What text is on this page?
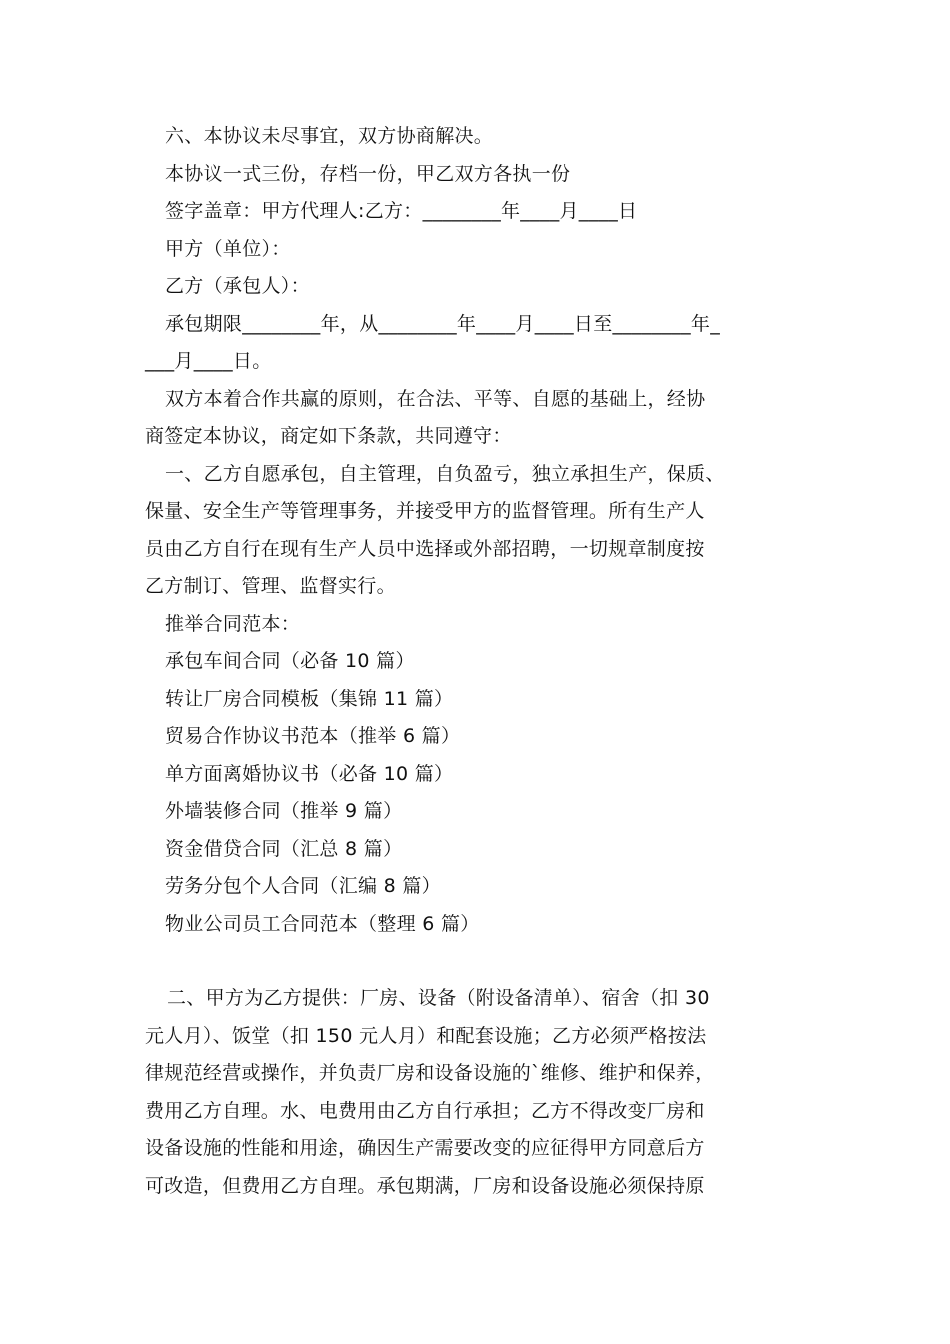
六、本协议未尽事宜，双方协商解决。
本协议一式三份，存档一份，甲乙双方各执一份
签字盖章：甲方代理人:乙方：________年____月____日
甲方（单位）：
乙方（承包人）：
承包期限________年，从________年____月____日至________年_
___月____日。
双方本着合作共赢的原则，在合法、平等、自愿的基础上，经协
商签定本协议，商定如下条款，共同遵守：
一、乙方自愿承包，自主管理，自负盈亏，独立承担生产，保质、
保量、安全生产等管理事务，并接受甲方的监督管理。所有生产人
员由乙方自行在现有生产人员中选择或外部招聘，一切规章制度按
乙方制订、管理、监督实行。
推举合同范本：
承包车间合同（必备 10 篇）
转让厂房合同模板（集锦 11 篇）
贸易合作协议书范本（推举 6 篇）
单方面离婚协议书（必备 10 篇）
外墙装修合同（推举 9 篇）
资金借贷合同（汇总 8 篇）
劳务分包个人合同（汇编 8 篇）
物业公司员工合同范本（整理 6 篇）
二、甲方为乙方提供：厂房、设备（附设备清单）、宿舍（扣 30
元人月）、饭堂（扣 150 元人月）和配套设施；乙方必须严格按法
律规范经营或操作，并负责厂房和设备设施的`维修、维护和保养，
费用乙方自理。水、电费用由乙方自行承担；乙方不得改变厂房和
设备设施的性能和用途，确因生产需要改变的应征得甲方同意后方
可改造，但费用乙方自理。承包期满，厂房和设备设施必须保持原
